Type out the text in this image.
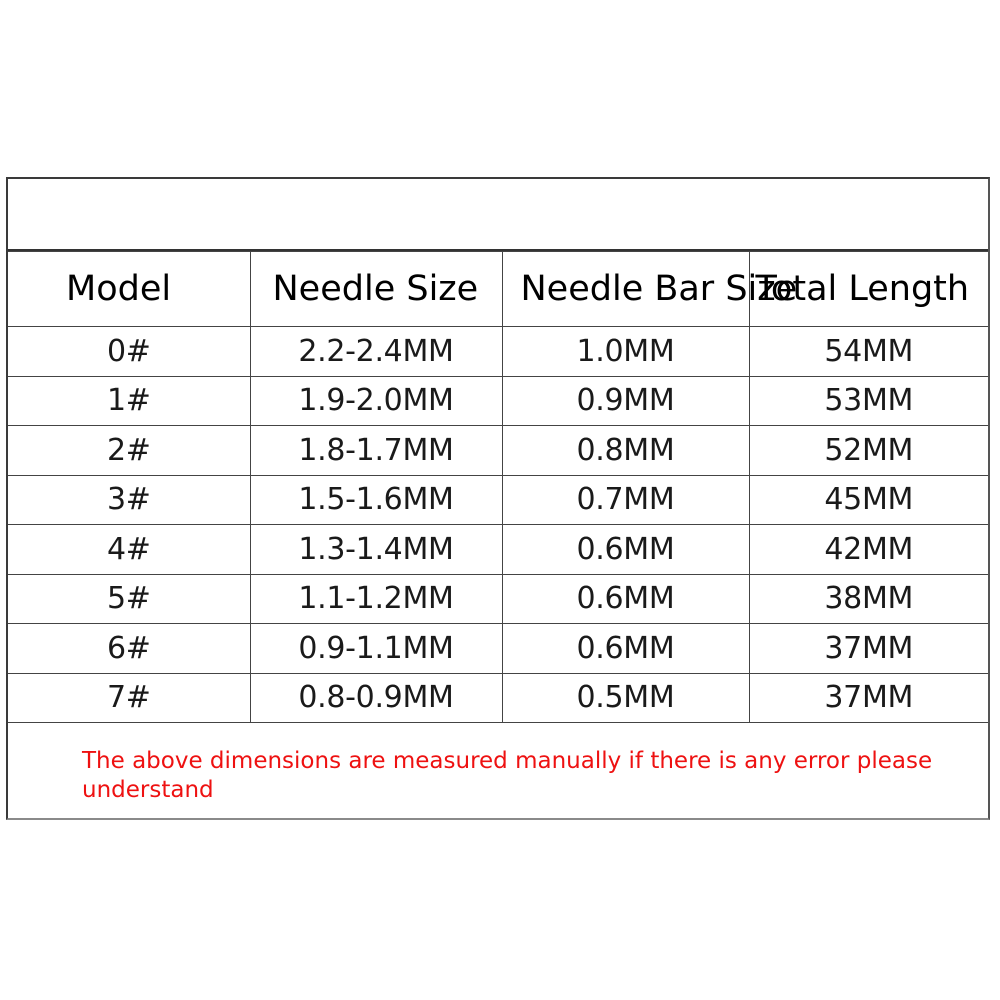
Model	Needle Size	Needle Bar Size	Total Length
0#	2.2-2.4MM	1.0MM	54MM
1#	1.9-2.0MM	0.9MM	53MM
2#	1.8-1.7MM	0.8MM	52MM
3#	1.5-1.6MM	0.7MM	45MM
4#	1.3-1.4MM	0.6MM	42MM
5#	1.1-1.2MM	0.6MM	38MM
6#	0.9-1.1MM	0.6MM	37MM
7#	0.8-0.9MM	0.5MM	37MM
The above dimensions are measured manually if there is any error please understand
